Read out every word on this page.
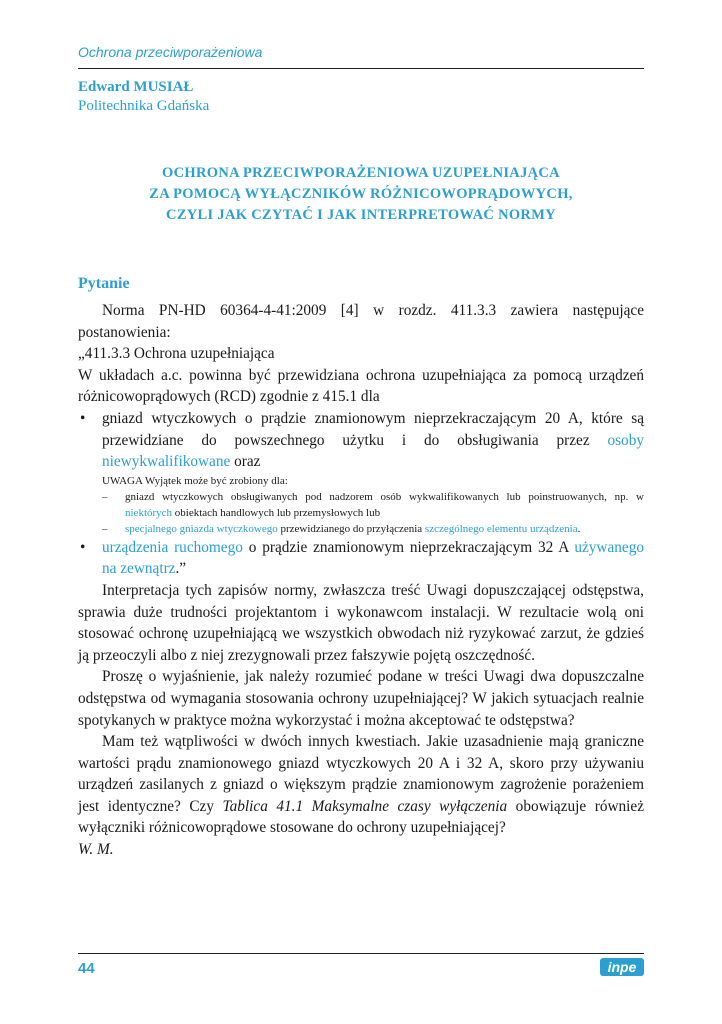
Ochrona przeciwporażeniowa
Edward MUSIAŁ
Politechnika Gdańska
OCHRONA PRZECIWPORAŻENIOWA UZUPEŁNIAJĄCA
ZA POMOCĄ WYŁĄCZNIKÓW RÓŻNICOWOPRĄDOWYCH,
CZYLI JAK CZYTAĆ I JAK INTERPRETOWAĆ NORMY
Pytanie

Norma PN-HD 60364-4-41:2009 [4] w rozdz. 411.3.3 zawiera następujące postanowienia:

„411.3.3 Ochrona uzupełniająca

W układach a.c. powinna być przewidziana ochrona uzupełniająca za pomocą urządzeń różnicowoprądowych (RCD) zgodnie z 415.1 dla

• gniazd wtyczkowych o prądzie znamionowym nieprzekraczającym 20 A, które są przewidziane do powszechnego użytku i do obsługiwania przez osoby niewykwalifikowane oraz
UWAGA Wyjątek może być zrobiony dla:
– gniazd wtyczkowych obsługiwanych pod nadzorem osób wykwalifikowanych lub poinstruowanych, np. w niektórych obiektach handlowych lub przemysłowych lub
– specjalnego gniazda wtyczkowego przewidzianego do przyłączenia szczególnego elementu urządzenia.
• urządzenia ruchomego o prądzie znamionowym nieprzekraczającym 32 A używanego na zewnątrz.”

Interpretacja tych zapisów normy, zwłaszcza treść Uwagi dopuszczającej odstępstwa, sprawia duże trudności projektantom i wykonawcom instalacji. W rezultacie wolą oni stosować ochronę uzupełniającą we wszystkich obwodach niż ryzykować zarzut, że gdzieś ją przeoczyli albo z niej zrezygnowali przez fałszywie pojętą oszczędność.

Proszę o wyjaśnienie, jak należy rozumieć podane w treści Uwagi dwa dopuszczalne odstępstwa od wymagania stosowania ochrony uzupełniającej? W jakich sytuacjach realnie spotykanych w praktyce można wykorzystać i można akceptować te odstępstwa?

Mam też wątpliwości w dwóch innych kwestiach. Jakie uzasadnienie mają graniczne wartości prądu znamionowego gniazd wtyczkowych 20 A i 32 A, skoro przy używaniu urządzeń zasilanych z gniazd o większym prądzie znamionowym zagrożenie porażeniem jest identyczne? Czy Tablica 41.1 Maksymalne czasy wyłączenia obowiązuje również wyłączniki różnicowoprądowe stosowane do ochrony uzupełniającej?

W. M.

44	inpe
